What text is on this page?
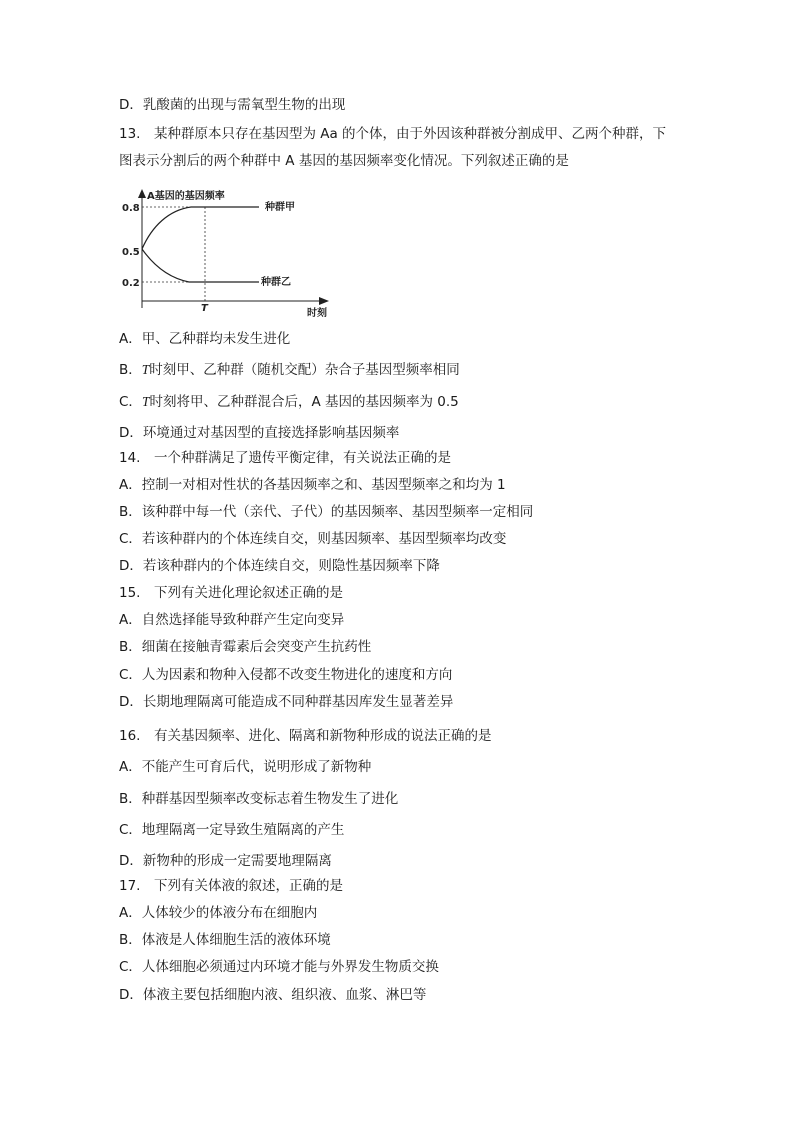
D．乳酸菌的出现与需氧型生物的出现
13.　某种群原本只存在基因型为 Aa 的个体，由于外因该种群被分割成甲、乙两个种群，下
图表示分割后的两个种群中 A 基因的基因频率变化情况。下列叙述正确的是
A基因的基因频率
时刻
0.8
0.5
0.2
T
种群甲
种群乙
A．甲、乙种群均未发生进化
B．T时刻甲、乙种群（随机交配）杂合子基因型频率相同
C．T时刻将甲、乙种群混合后，A 基因的基因频率为 0.5
D．环境通过对基因型的直接选择影响基因频率
14.　一个种群满足了遗传平衡定律，有关说法正确的是
A．控制一对相对性状的各基因频率之和、基因型频率之和均为 1
B．该种群中每一代（亲代、子代）的基因频率、基因型频率一定相同
C．若该种群内的个体连续自交，则基因频率、基因型频率均改变
D．若该种群内的个体连续自交，则隐性基因频率下降
15.　下列有关进化理论叙述正确的是
A．自然选择能导致种群产生定向变异
B．细菌在接触青霉素后会突变产生抗药性
C．人为因素和物种入侵都不改变生物进化的速度和方向
D．长期地理隔离可能造成不同种群基因库发生显著差异
16.　有关基因频率、进化、隔离和新物种形成的说法正确的是
A．不能产生可育后代，说明形成了新物种
B．种群基因型频率改变标志着生物发生了进化
C．地理隔离一定导致生殖隔离的产生
D．新物种的形成一定需要地理隔离
17.　下列有关体液的叙述，正确的是
A．人体较少的体液分布在细胞内
B．体液是人体细胞生活的液体环境
C．人体细胞必须通过内环境才能与外界发生物质交换
D．体液主要包括细胞内液、组织液、血浆、淋巴等
